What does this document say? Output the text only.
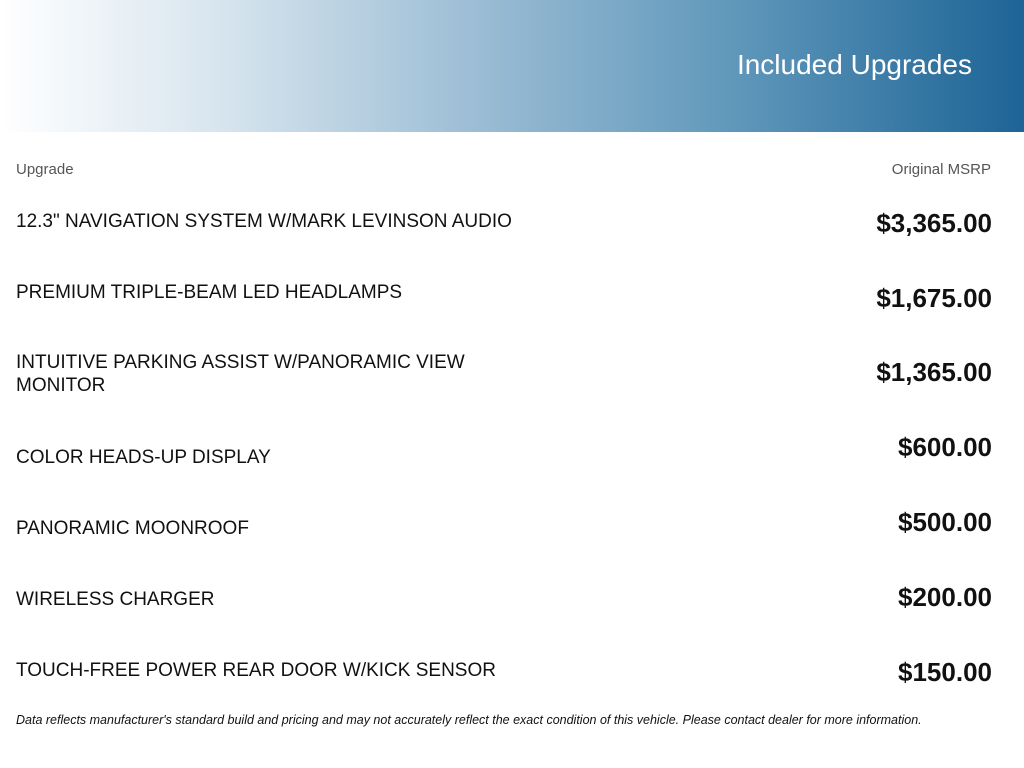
Included Upgrades
Upgrade	Original MSRP
12.3" NAVIGATION SYSTEM W/MARK LEVINSON AUDIO	$3,365.00
PREMIUM TRIPLE-BEAM LED HEADLAMPS	$1,675.00
INTUITIVE PARKING ASSIST W/PANORAMIC VIEW MONITOR	$1,365.00
COLOR HEADS-UP DISPLAY	$600.00
PANORAMIC MOONROOF	$500.00
WIRELESS CHARGER	$200.00
TOUCH-FREE POWER REAR DOOR W/KICK SENSOR	$150.00
Data reflects manufacturer's standard build and pricing and may not accurately reflect the exact condition of this vehicle. Please contact dealer for more information.
